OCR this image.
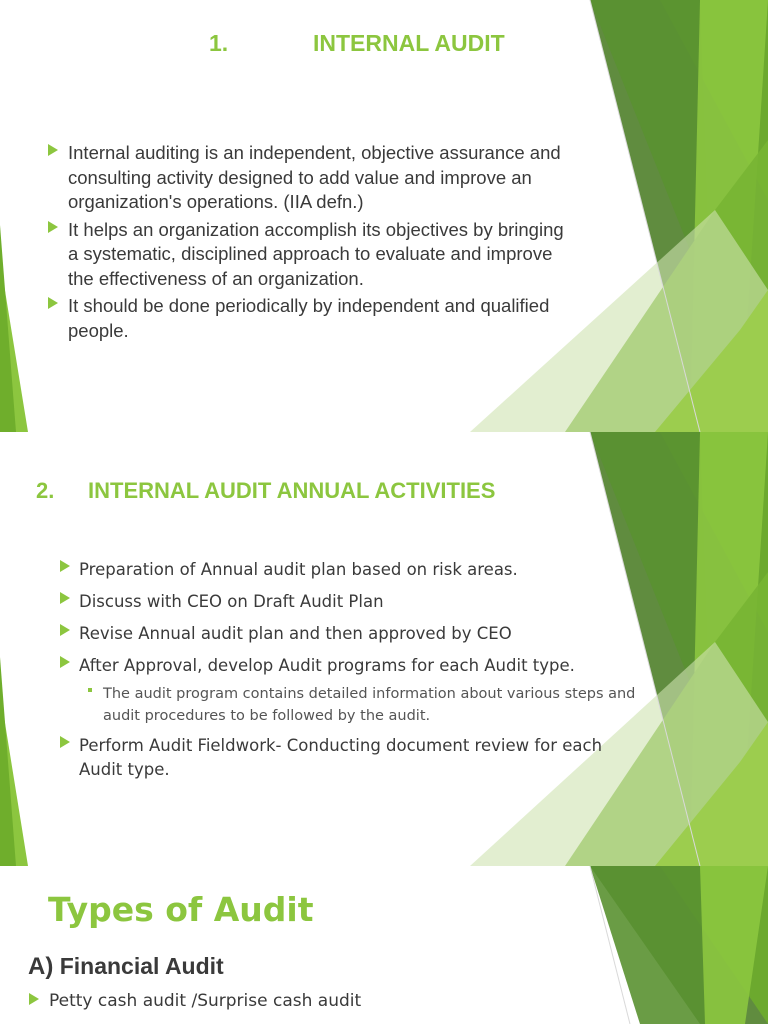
1.	INTERNAL AUDIT
Internal auditing is an independent, objective assurance and consulting activity designed to add value and improve an organization's operations. (IIA defn.)
It helps an organization accomplish its objectives by bringing a systematic, disciplined approach to evaluate and improve the effectiveness of an organization.
It should be done periodically by independent and qualified people.
2. INTERNAL AUDIT ANNUAL ACTIVITIES
Preparation of Annual audit plan based on risk areas.
Discuss with CEO on Draft Audit Plan
Revise Annual audit plan and then approved by CEO
After Approval, develop Audit programs for each Audit type.
The audit program contains detailed information about various steps and audit procedures to be followed by the audit.
Perform Audit Fieldwork- Conducting document review for each Audit type.
Types of Audit
A) Financial Audit
Petty cash audit /Surprise cash audit
